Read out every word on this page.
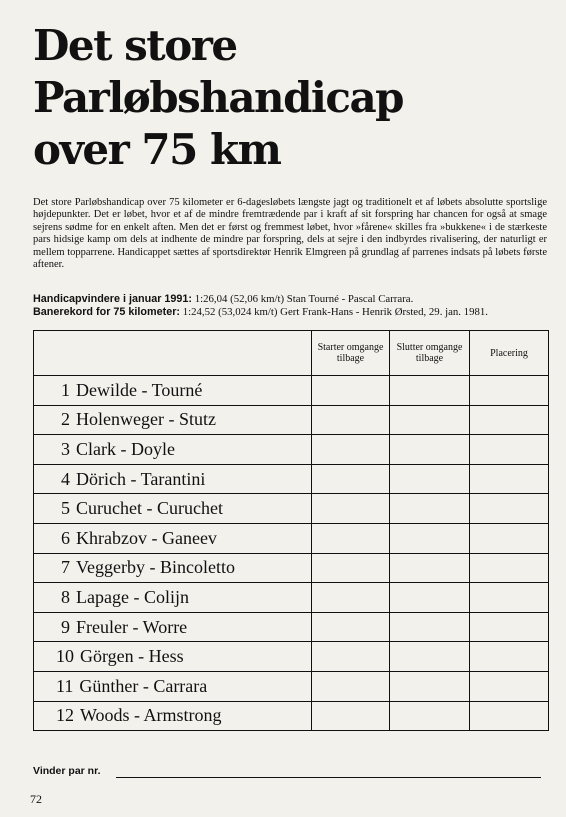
Det store
Parløbshandicap
over 75 km

Det store Parløbshandicap over 75 kilometer er 6-dagesløbets længste jagt og traditionelt et af løbets absolutte sportslige højdepunkter. Det er løbet, hvor et af de mindre fremtrædende par i kraft af sit forspring har chancen for også at smage sejrens sødme for en enkelt aften. Men det er først og fremmest løbet, hvor »fårene« skilles fra »bukkene« i de stærkeste pars hidsige kamp om dels at indhente de mindre par forspring, dels at sejre i den indbyrdes rivalisering, der naturligt er mellem topparrene. Handicappet sættes af sportsdirektør Henrik Elmgreen på grundlag af parrenes indsats på løbets første aftener.

Handicapvindere i januar 1991: 1:26,04 (52,06 km/t) Stan Tourné - Pascal Carrara.
Banerekord for 75 kilometer: 1:24,52 (53,024 km/t) Gert Frank-Hans - Henrik Ørsted, 29. jan. 1981.
	Starter omgange tilbage	Slutter omgange tilbage	Placering
1 Dewilde - Tourné			
2 Holenweger - Stutz			
3 Clark - Doyle			
4 Dörich - Tarantini			
5 Curuchet - Curuchet			
6 Khrabzov - Ganeev			
7 Veggerby - Bincoletto			
8 Lapage - Colijn			
9 Freuler - Worre			
10 Görgen - Hess			
11 Günther - Carrara			
12 Woods - Armstrong			
Vinder par nr.
72
